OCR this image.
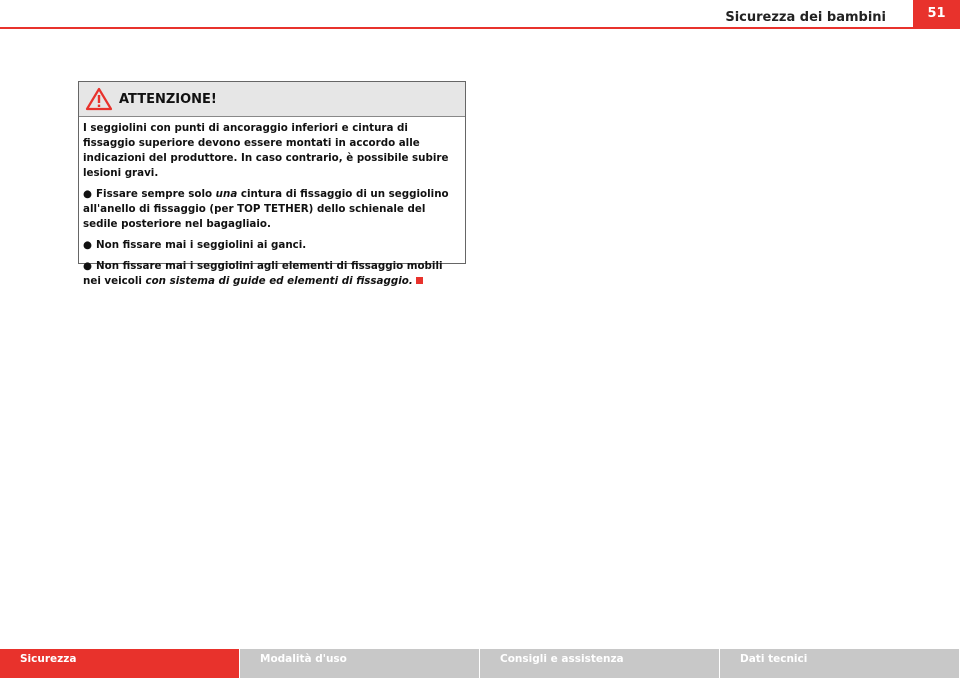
Sicurezza dei bambini	51
ATTENZIONE!

I seggiolini con punti di ancoraggio inferiori e cintura di fissaggio superiore devono essere montati in accordo alle indicazioni del produttore. In caso contrario, è possibile subire lesioni gravi.

● Fissare sempre solo una cintura di fissaggio di un seggiolino all'anello di fissaggio (per TOP TETHER) dello schienale del sedile posteriore nel bagagliaio.

● Non fissare mai i seggiolini ai ganci.

● Non fissare mai i seggiolini agli elementi di fissaggio mobili nei veicoli con sistema di guide ed elementi di fissaggio.

Sicurezza	Modalità d'uso	Consigli e assistenza	Dati tecnici
